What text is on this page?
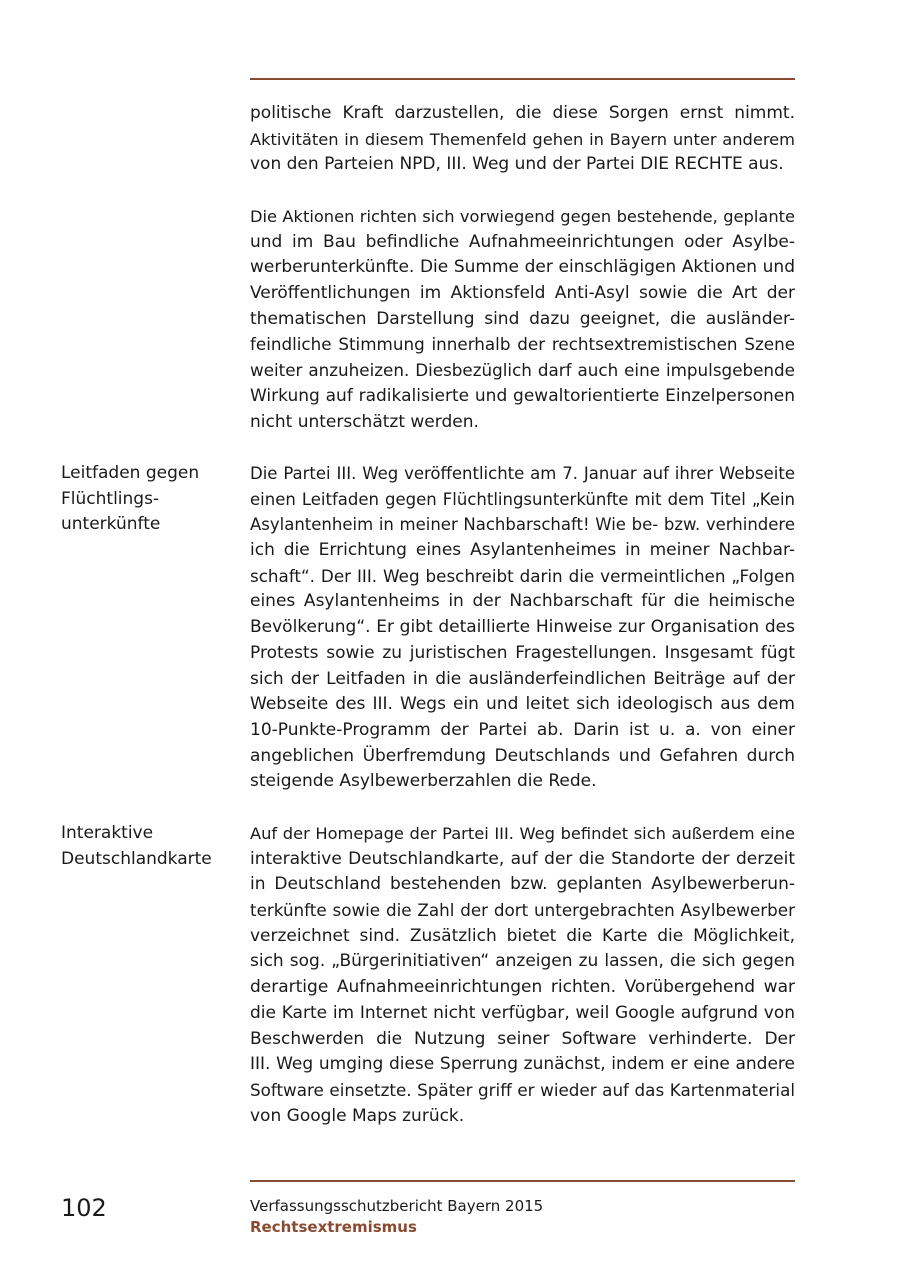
politische Kraft darzustellen, die diese Sorgen ernst nimmt.
Aktivitäten in diesem Themenfeld gehen in Bayern unter anderem
von den Parteien NPD, III. Weg und der Partei DIE RECHTE aus.
Die Aktionen richten sich vorwiegend gegen bestehende, geplante
und im Bau befindliche Aufnahmeeinrichtungen oder Asylbe-
werberunterkünfte. Die Summe der einschlägigen Aktionen und
Veröffentlichungen im Aktionsfeld Anti-Asyl sowie die Art der
thematischen Darstellung sind dazu geeignet, die ausländer-
feindliche Stimmung innerhalb der rechtsextremistischen Szene
weiter anzuheizen. Diesbezüglich darf auch eine impulsgebende
Wirkung auf radikalisierte und gewaltorientierte Einzelpersonen
nicht unterschätzt werden.
Leitfaden gegen
Flüchtlings-
unterkünfte
Die Partei III. Weg veröffentlichte am 7. Januar auf ihrer Webseite
einen Leitfaden gegen Flüchtlingsunterkünfte mit dem Titel „Kein
Asylantenheim in meiner Nachbarschaft! Wie be- bzw. verhindere
ich die Errichtung eines Asylantenheimes in meiner Nachbar-
schaft“. Der III. Weg beschreibt darin die vermeintlichen „Folgen
eines Asylantenheims in der Nachbarschaft für die heimische
Bevölkerung“. Er gibt detaillierte Hinweise zur Organisation des
Protests sowie zu juristischen Fragestellungen. Insgesamt fügt
sich der Leitfaden in die ausländerfeindlichen Beiträge auf der
Webseite des III. Wegs ein und leitet sich ideologisch aus dem
10-Punkte-Programm der Partei ab. Darin ist u. a. von einer
angeblichen Überfremdung Deutschlands und Gefahren durch
steigende Asylbewerberzahlen die Rede.
Interaktive
Deutschlandkarte
Auf der Homepage der Partei III. Weg befindet sich außerdem eine
interaktive Deutschlandkarte, auf der die Standorte der derzeit
in Deutschland bestehenden bzw. geplanten Asylbewerberun-
terkünfte sowie die Zahl der dort untergebrachten Asylbewerber
verzeichnet sind. Zusätzlich bietet die Karte die Möglichkeit,
sich sog. „Bürgerinitiativen“ anzeigen zu lassen, die sich gegen
derartige Aufnahmeeinrichtungen richten. Vorübergehend war
die Karte im Internet nicht verfügbar, weil Google aufgrund von
Beschwerden die Nutzung seiner Software verhinderte. Der
III. Weg umging diese Sperrung zunächst, indem er eine andere
Software einsetzte. Später griff er wieder auf das Kartenmaterial
von Google Maps zurück.
102	Verfassungsschutzbericht Bayern 2015
Rechtsextremismus
